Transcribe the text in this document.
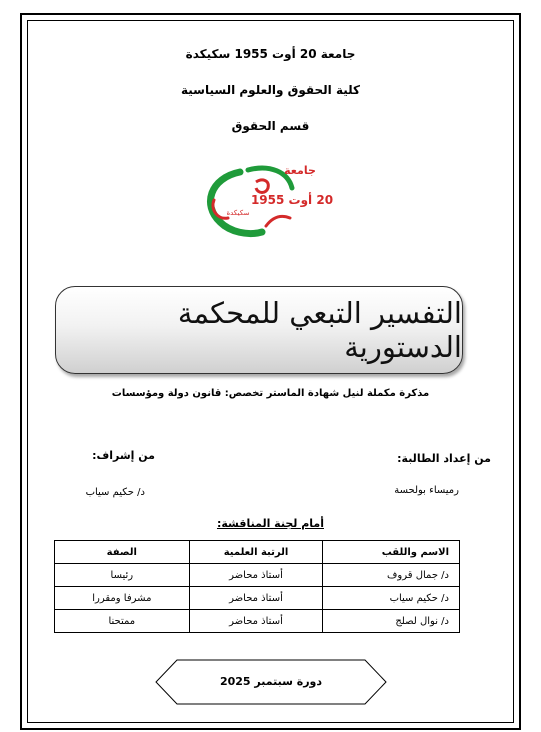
جامعة 20 أوت 1955 سكيكدة
كلية الحقوق والعلوم السياسية
قسم الحقوق
جامعة
20 أوت 1955
سكيكدة
التفسير التبعي للمحكمة الدستورية
مذكرة مكملة لنيل شهادة الماستر تخصص: قانون دولة ومؤسسات
من إعداد الطالبة:
من إشراف:
رميساء بولحسة
د/ حكيم سياب
أمام لجنة المناقشة:
الاسم واللقب	الرتبة العلمية	الصفة
د/ جمال قروف	أستاذ محاضر	رئيسا
د/ حكيم سياب	أستاذ محاضر	مشرفا ومقررا
د/ نوال لصلج	أستاذ محاضر	ممتحنا
دورة سبتمبر 2025
